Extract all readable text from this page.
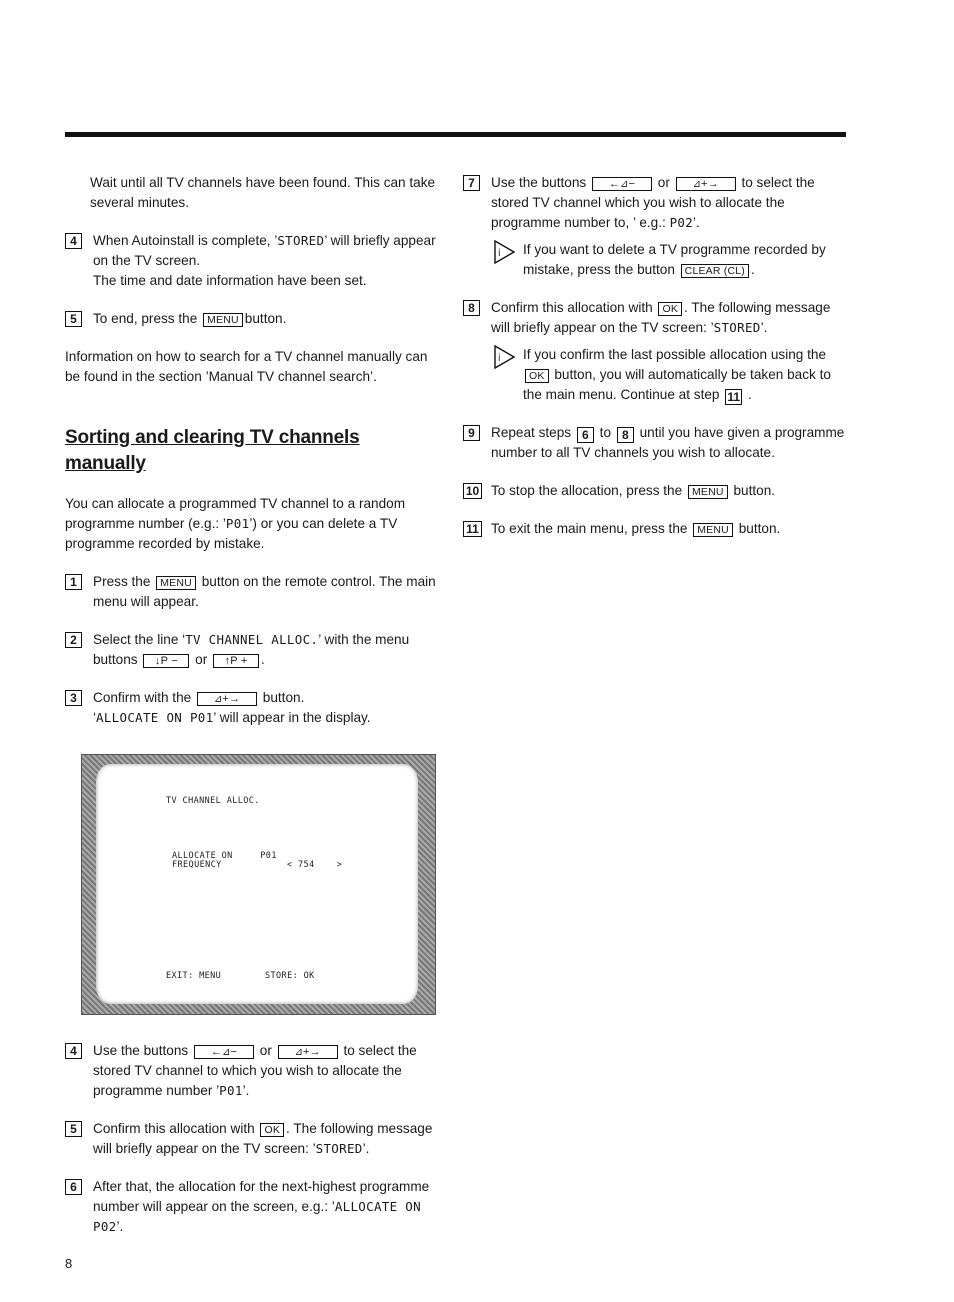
Wait until all TV channels have been found. This can take several minutes.

4	When Autoinstall is complete, ’STORED’ will briefly appear on the TV screen.
The time and date information have been set.
5	To end, press the MENU button.

Information on how to search for a TV channel manually can be found in the section ’Manual TV channel search’.

Sorting and clearing TV channels manually

You can allocate a programmed TV channel to a random programme number (e.g.: ’P01’) or you can delete a TV programme recorded by mistake.

1	Press the MENU button on the remote control. The main menu will appear.
2	Select the line ‘TV CHANNEL ALLOC.’ with the menu buttons ↓P − or ↑P + .
3	Confirm with the ⊿+→ button.
‘ALLOCATE ON P01’ will appear in the display.
TV CHANNEL ALLOC.
ALLOCATE ON     P01
FREQUENCY	< 754    >
EXIT: MENU	STORE: OK
4	Use the buttons ←⊿− or ⊿+→ to select the stored TV channel to which you wish to allocate the programme number ’P01’.
5	Confirm this allocation with OK . The following message will briefly appear on the TV screen: ’STORED’.
6	After that, the allocation for the next-highest programme number will appear on the screen, e.g.: ’ALLOCATE ON P02’.
7	Use the buttons ←⊿− or ⊿+→ to select the stored TV channel which you wish to allocate the programme number to, ’ e.g.: P02’.
i If you want to delete a TV programme recorded by mistake, press the button CLEAR (CL) .
8	Confirm this allocation with OK . The following message will briefly appear on the TV screen: ’STORED’.
i If you confirm the last possible allocation using the OK button, you will automatically be taken back to the main menu. Continue at step 11 .
9	Repeat steps 6 to 8 until you have given a programme number to all TV channels you wish to allocate.
10 To stop the allocation, press the MENU button.
11 To exit the main menu, press the MENU button.
8
